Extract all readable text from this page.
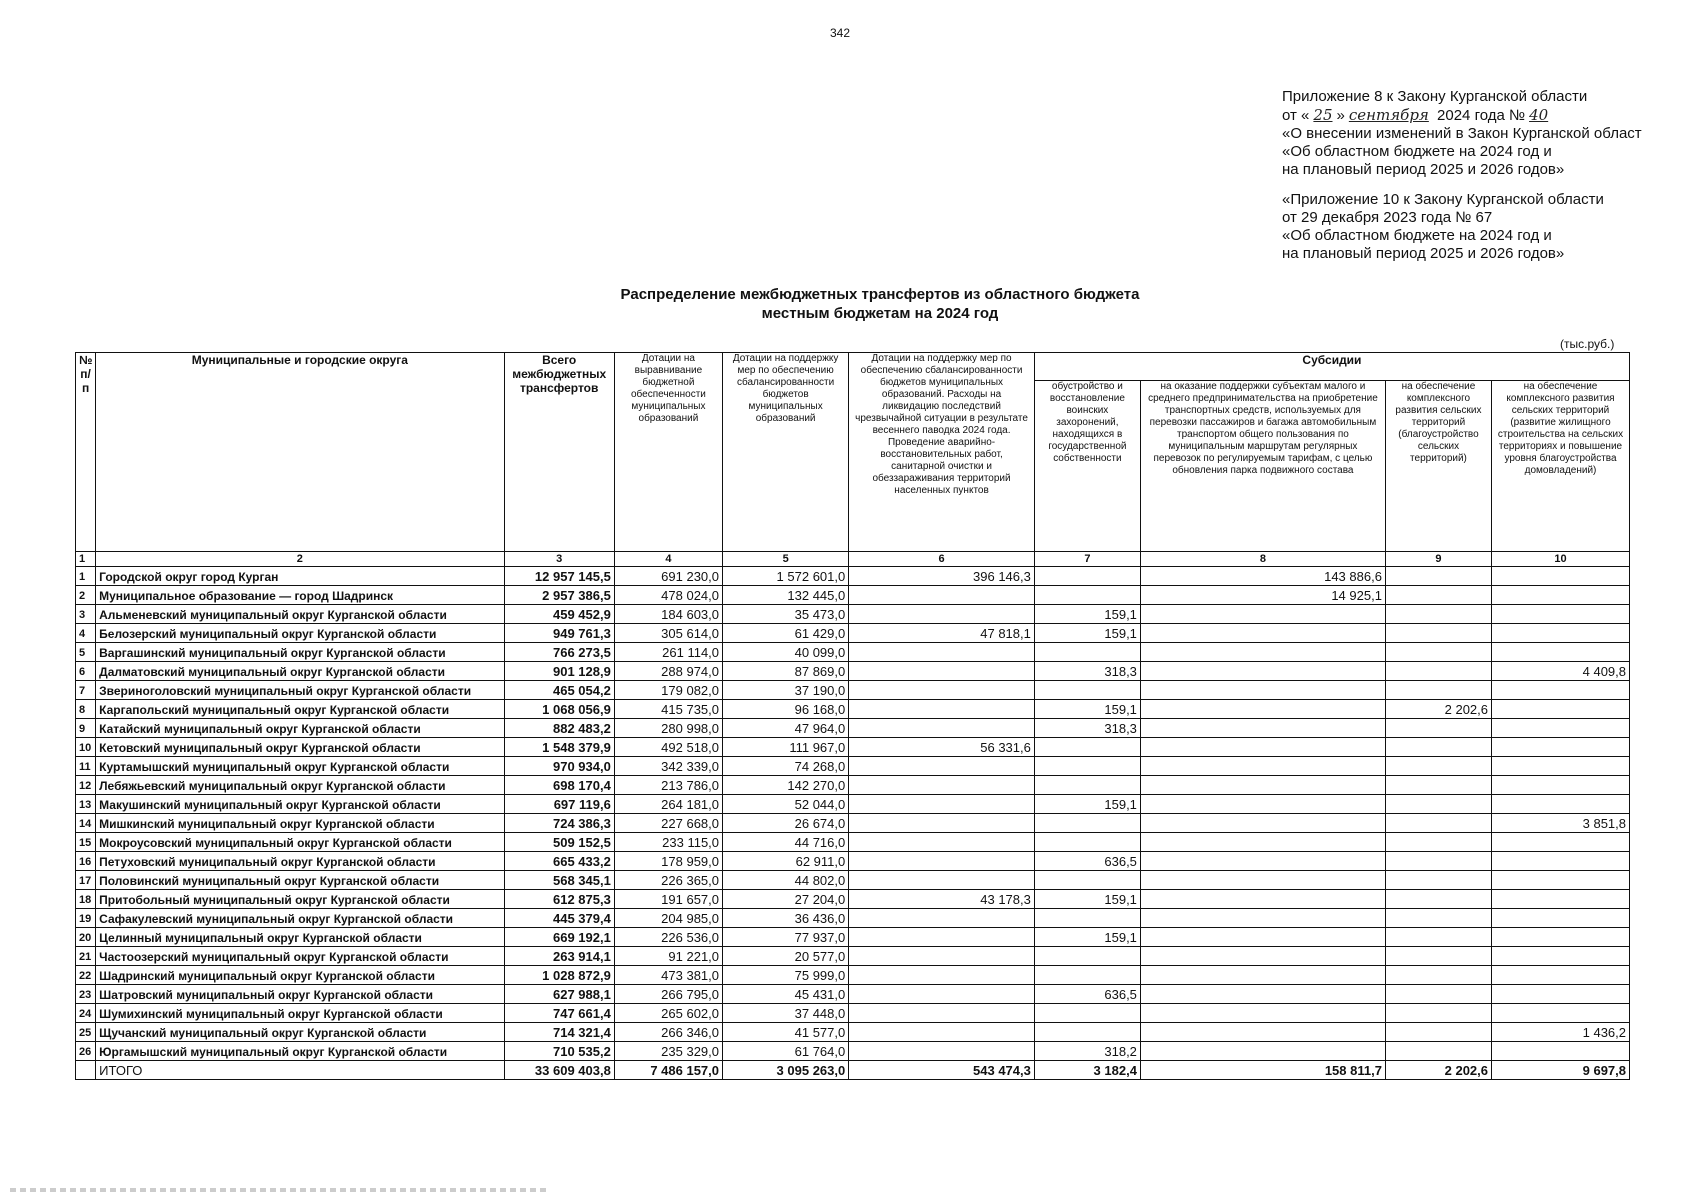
342
Приложение 8 к Закону Курганской области
от « 25 » сентября 2024 года № 40
«О внесении изменений в Закон Курганской област
«Об областном бюджете на 2024 год и
на плановый период 2025 и 2026 годов»
«Приложение 10 к Закону Курганской области
от 29 декабря 2023 года № 67
«Об областном бюджете на 2024 год и
на плановый период 2025 и 2026 годов»
Распределение межбюджетных трансфертов из областного бюджета
местным бюджетам на 2024 год
(тыс.руб.)
№ п/п	Муниципальные и городские округа	Всего межбюджетных трансфертов	Дотации на выравнивание бюджетной обеспеченности муниципальных образований	Дотации на поддержку мер по обеспечению сбалансированности бюджетов муниципальных образований	Дотации на поддержку мер по обеспечению сбалансированности бюджетов муниципальных образований. Расходы на ликвидацию последствий чрезвычайной ситуации в результате весеннего паводка 2024 года. Проведение аварийно-восстановительных работ, санитарной очистки и обеззараживания территорий населенных пунктов	Субсидии			
						обустройство и восстановление воинских захоронений, находящихся в государственной собственности	на оказание поддержки субъектам малого и среднего предпринимательства на приобретение транспортных средств, используемых для перевозки пассажиров и багажа автомобильным транспортом общего пользования по муниципальным маршрутам регулярных перевозок по регулируемым тарифам, с целью обновления парка подвижного состава	на обеспечение комплексного развития сельских территорий (благоустройство сельских территорий)	на обеспечение комплексного развития сельских территорий (развитие жилищного строительства на сельских территориях и повышение уровня благоустройства домовладений)
1	2	3	4	5	6	7	8	9	10
1	Городской округ город Курган	12 957 145,5	691 230,0	1 572 601,0	396 146,3		143 886,6		
2	Муниципальное образование — город Шадринск	2 957 386,5	478 024,0	132 445,0			14 925,1		
3	Альменевский муниципальный округ Курганской области	459 452,9	184 603,0	35 473,0		159,1			
4	Белозерский муниципальный округ Курганской области	949 761,3	305 614,0	61 429,0	47 818,1	159,1			
5	Варгашинский муниципальный округ Курганской области	766 273,5	261 114,0	40 099,0					
6	Далматовский муниципальный округ Курганской области	901 128,9	288 974,0	87 869,0		318,3			4 409,8
7	Звериноголовский муниципальный округ Курганской области	465 054,2	179 082,0	37 190,0					
8	Каргапольский муниципальный округ Курганской области	1 068 056,9	415 735,0	96 168,0		159,1		2 202,6	
9	Катайский муниципальный округ Курганской области	882 483,2	280 998,0	47 964,0		318,3			
10	Кетовский муниципальный округ Курганской области	1 548 379,9	492 518,0	111 967,0	56 331,6				
11	Куртамышский муниципальный округ Курганской области	970 934,0	342 339,0	74 268,0					
12	Лебяжьевский муниципальный округ Курганской области	698 170,4	213 786,0	142 270,0					
13	Макушинский муниципальный округ Курганской области	697 119,6	264 181,0	52 044,0		159,1			
14	Мишкинский муниципальный округ Курганской области	724 386,3	227 668,0	26 674,0					3 851,8
15	Мокроусовский муниципальный округ Курганской области	509 152,5	233 115,0	44 716,0					
16	Петуховский муниципальный округ Курганской области	665 433,2	178 959,0	62 911,0		636,5			
17	Половинский муниципальный округ Курганской области	568 345,1	226 365,0	44 802,0					
18	Притобольный муниципальный округ Курганской области	612 875,3	191 657,0	27 204,0	43 178,3	159,1			
19	Сафакулевский муниципальный округ Курганской области	445 379,4	204 985,0	36 436,0					
20	Целинный муниципальный округ Курганской области	669 192,1	226 536,0	77 937,0		159,1			
21	Частоозерский муниципальный округ Курганской области	263 914,1	91 221,0	20 577,0					
22	Шадринский муниципальный округ Курганской области	1 028 872,9	473 381,0	75 999,0					
23	Шатровский муниципальный округ Курганской области	627 988,1	266 795,0	45 431,0		636,5			
24	Шумихинский муниципальный округ Курганской области	747 661,4	265 602,0	37 448,0					
25	Щучанский муниципальный округ Курганской области	714 321,4	266 346,0	41 577,0					1 436,2
26	Юргамышский муниципальный округ Курганской области	710 535,2	235 329,0	61 764,0		318,2			
	ИТОГО	33 609 403,8	7 486 157,0	3 095 263,0	543 474,3	3 182,4	158 811,7	2 202,6	9 697,8
